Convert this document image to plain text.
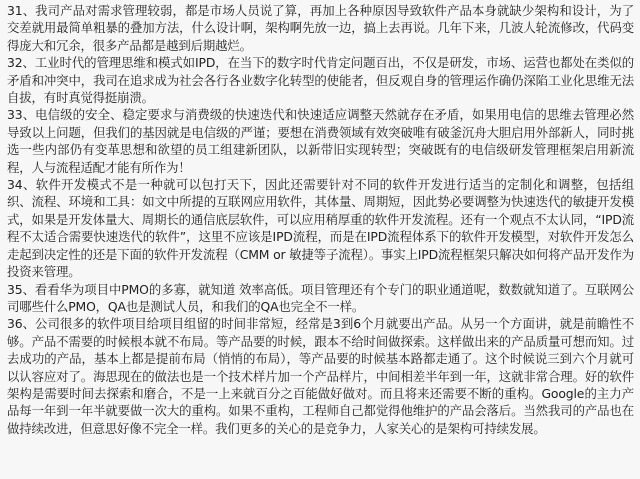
31、我司产品对需求管理较弱，都是市场人员说了算，再加上各种原因导致软件产品本身就缺少架构和设计，为了交差就用最简单粗暴的叠加方法，什么设计啊，架构啊先放一边，搞上去再说。几年下来，几波人轮流修改，代码变得庞大和冗余，很多产品都是越到后期越烂。

32、工业时代的管理思维和模式如IPD，在当下的数字时代肯定问题百出，不仅是研发，市场、运营也都处在类似的矛盾和冲突中，我司在追求成为社会各行各业数字化转型的使能者，但反观自身的管理运作确仍深陷工业化思维无法自拔，有时真觉得挺崩溃。

33、电信级的安全、稳定要求与消费级的快速迭代和快速适应调整天然就存在矛盾，如果用电信的思维去管理必然导致以上问题，但我们的基因就是电信级的严谨；要想在消费领域有效突破唯有破釜沉舟大胆启用外部新人，同时挑选一些内部仍有变革思想和欲望的员工组建新团队，以新带旧实现转型；突破既有的电信级研发管理框架启用新流程，人与流程适配才能有所作为！

34、软件开发模式不是一种就可以包打天下，因此还需要针对不同的软件开发进行适当的定制化和调整，包括组织、流程、环境和工具：如文中所提的互联网应用软件，其体量、周期短，因此势必要调整为快速迭代的敏捷开发模式，如果是开发体量大、周期长的通信底层软件，可以应用稍厚重的软件开发流程。还有一个观点不太认同，“IPD流程不太适合需要快速迭代的软件”，这里不应该是IPD流程，而是在IPD流程体系下的软件开发模型，对软件开发怎么走起到决定性的还是下面的软件开发流程（CMM or 敏捷等子流程）。事实上IPD流程框架只解决如何将产品开发作为投资来管理。

35、看看华为项目中PMO的多寡，就知道 效率高低。项目管理还有个专门的职业通道呢，数数就知道了。互联网公司哪些什么PMO，QA也是测试人员，和我们的QA也完全不一样。

36、公司很多的软件项目给项目组留的时间非常短，经常是3到6个月就要出产品。从另一个方面讲，就是前瞻性不够。产品不需要的时候根本就不布局。等产品要的时候，跟本不给时间做探索。这样做出来的产品质量可想而知。过去成功的产品，基本上都是提前布局（悄悄的布局），等产品要的时候基本路都走通了。这个时候说三到六个月就可以认容应对了。海思现在的做法也是一个技术样片加一个产品样片，中间相差半年到一年，这就非常合理。好的软件架构是需要时间去探索和磨合，不是一上来就百分之百能做好做对。而且将来还需要不断的重构。Google的主力产品每一年到一年半就要做一次大的重构。如果不重构，工程师自己都觉得他维护的产品会落后。当然我司的产品也在做持续改进，但意思好像不完全一样。我们更多的关心的是竞争力，人家关心的是架构可持续发展。
